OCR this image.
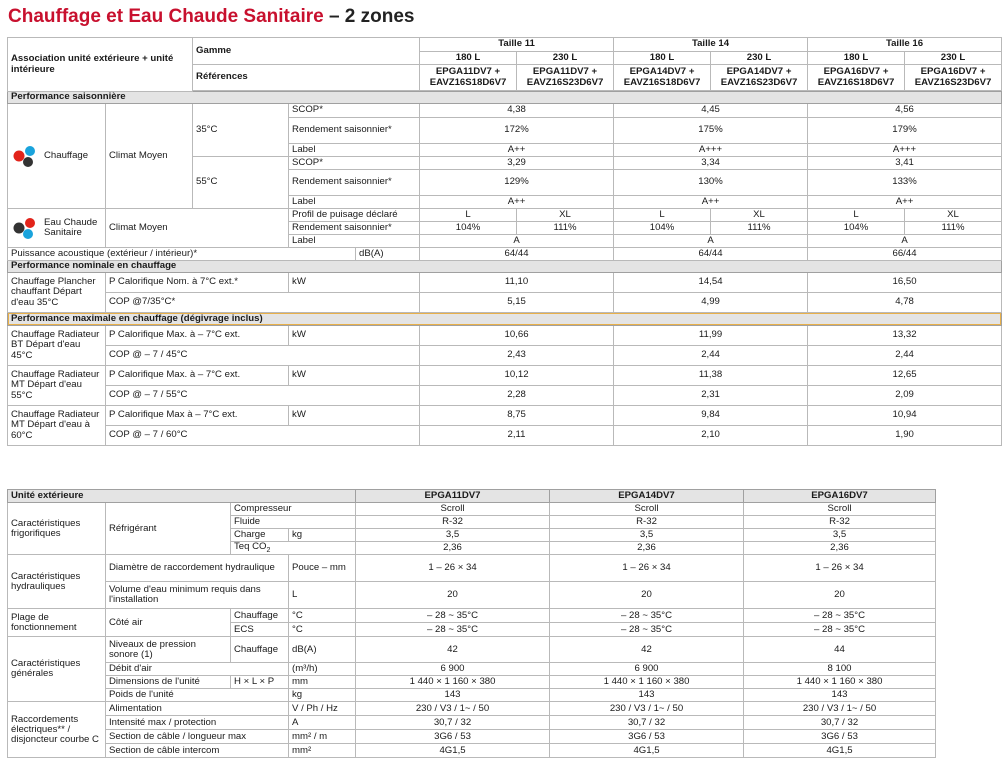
Chauffage et Eau Chaude Sanitaire – 2 zones
Association unité extérieure + unité intérieure		Gamme			Taille 11		Taille 14		Taille 16	
					180 L	230 L	180 L	230 L	180 L	230 L
		Références			EPGA11DV7 + EAVZ16S18D6V7	EPGA11DV7 + EAVZ16S23D6V7	EPGA14DV7 + EAVZ16S18D6V7	EPGA14DV7 + EAVZ16S23D6V7	EPGA16DV7 + EAVZ16S18D6V7	EPGA16DV7 + EAVZ16S23D6V7

Performance saisonnière										

Chauffage	Climat Moyen	35°C	SCOP*		4,38		4,45		4,56	
			Rendement saisonnier*		172%		175%		179%	
			Label		A++		A+++		A+++	
		55°C	SCOP*		3,29		3,34		3,41	
			Rendement saisonnier*		129%		130%		133%	
			Label		A++		A++		A++	

Eau Chaude Sanitaire	Climat Moyen		Profil de puisage déclaré		L	XL	L	XL	L	XL
			Rendement saisonnier*		104%	111%	104%	111%	104%	111%
			Label		A		A		A	
Puissance acoustique (extérieur / intérieur)*				dB(A)	64/44		64/44		66/44	
Performance nominale en chauffage										
Chauffage Plancher chauffant Départ d'eau 35°C	P Calorifique Nom. à 7°C ext.*		kW		11,10		14,54		16,50	
	COP @7/35°C*				5,15		4,99		4,78	
Performance maximale en chauffage (dégivrage inclus)										
Chauffage Radiateur BT Départ d'eau 45°C	P Calorifique Max. à – 7°C ext.		kW		10,66		11,99		13,32	
	COP @ – 7 / 45°C				2,43		2,44		2,44	
Chauffage Radiateur MT Départ d'eau 55°C	P Calorifique Max. à – 7°C ext.		kW		10,12		11,38		12,65	
	COP @ – 7 / 55°C				2,28		2,31		2,09	
Chauffage Radiateur MT Départ d'eau à 60°C	P Calorifique Max à – 7°C ext.		kW		8,75		9,84		10,94	
	COP @ – 7 / 60°C				2,11		2,10		1,90	
Unité extérieure				EPGA11DV7	EPGA14DV7	EPGA16DV7
Caractéristiques frigorifiques	Réfrigérant	Compresseur		Scroll	Scroll	Scroll
		Fluide		R-32	R-32	R-32
		Charge	kg	3,5	3,5	3,5
		Teq $CO_2$		2,36	2,36	2,36
Caractéristiques hydrauliques	Diamètre de raccordement hydraulique		Pouce – mm	1 – 26 × 34	1 – 26 × 34	1 – 26 × 34
	Volume d'eau minimum requis dans l'installation		L	20	20	20
Plage de fonctionnement	Côté air	Chauffage	°C	– 28 ~ 35°C	– 28 ~ 35°C	– 28 ~ 35°C
		ECS	°C	– 28 ~ 35°C	– 28 ~ 35°C	– 28 ~ 35°C
Caractéristiques générales	Niveaux de pression sonore (1)	Chauffage	dB(A)	42	42	44
	Débit d'air		(m³/h)	6 900	6 900	8 100
	Dimensions de l'unité	H × L × P	mm	1 440 × 1 160 × 380	1 440 × 1 160 × 380	1 440 × 1 160 × 380
	Poids de l'unité		kg	143	143	143
Raccordements électriques** / disjoncteur courbe C	Alimentation		V / Ph / Hz	230 / V3 / 1~ / 50	230 / V3 / 1~ / 50	230 / V3 / 1~ / 50
	Intensité max / protection		A	30,7 / 32	30,7 / 32	30,7 / 32
	Section de câble / longueur max		mm² / m	3G6 / 53	3G6 / 53	3G6 / 53
	Section de câble intercom		mm²	4G1,5	4G1,5	4G1,5
